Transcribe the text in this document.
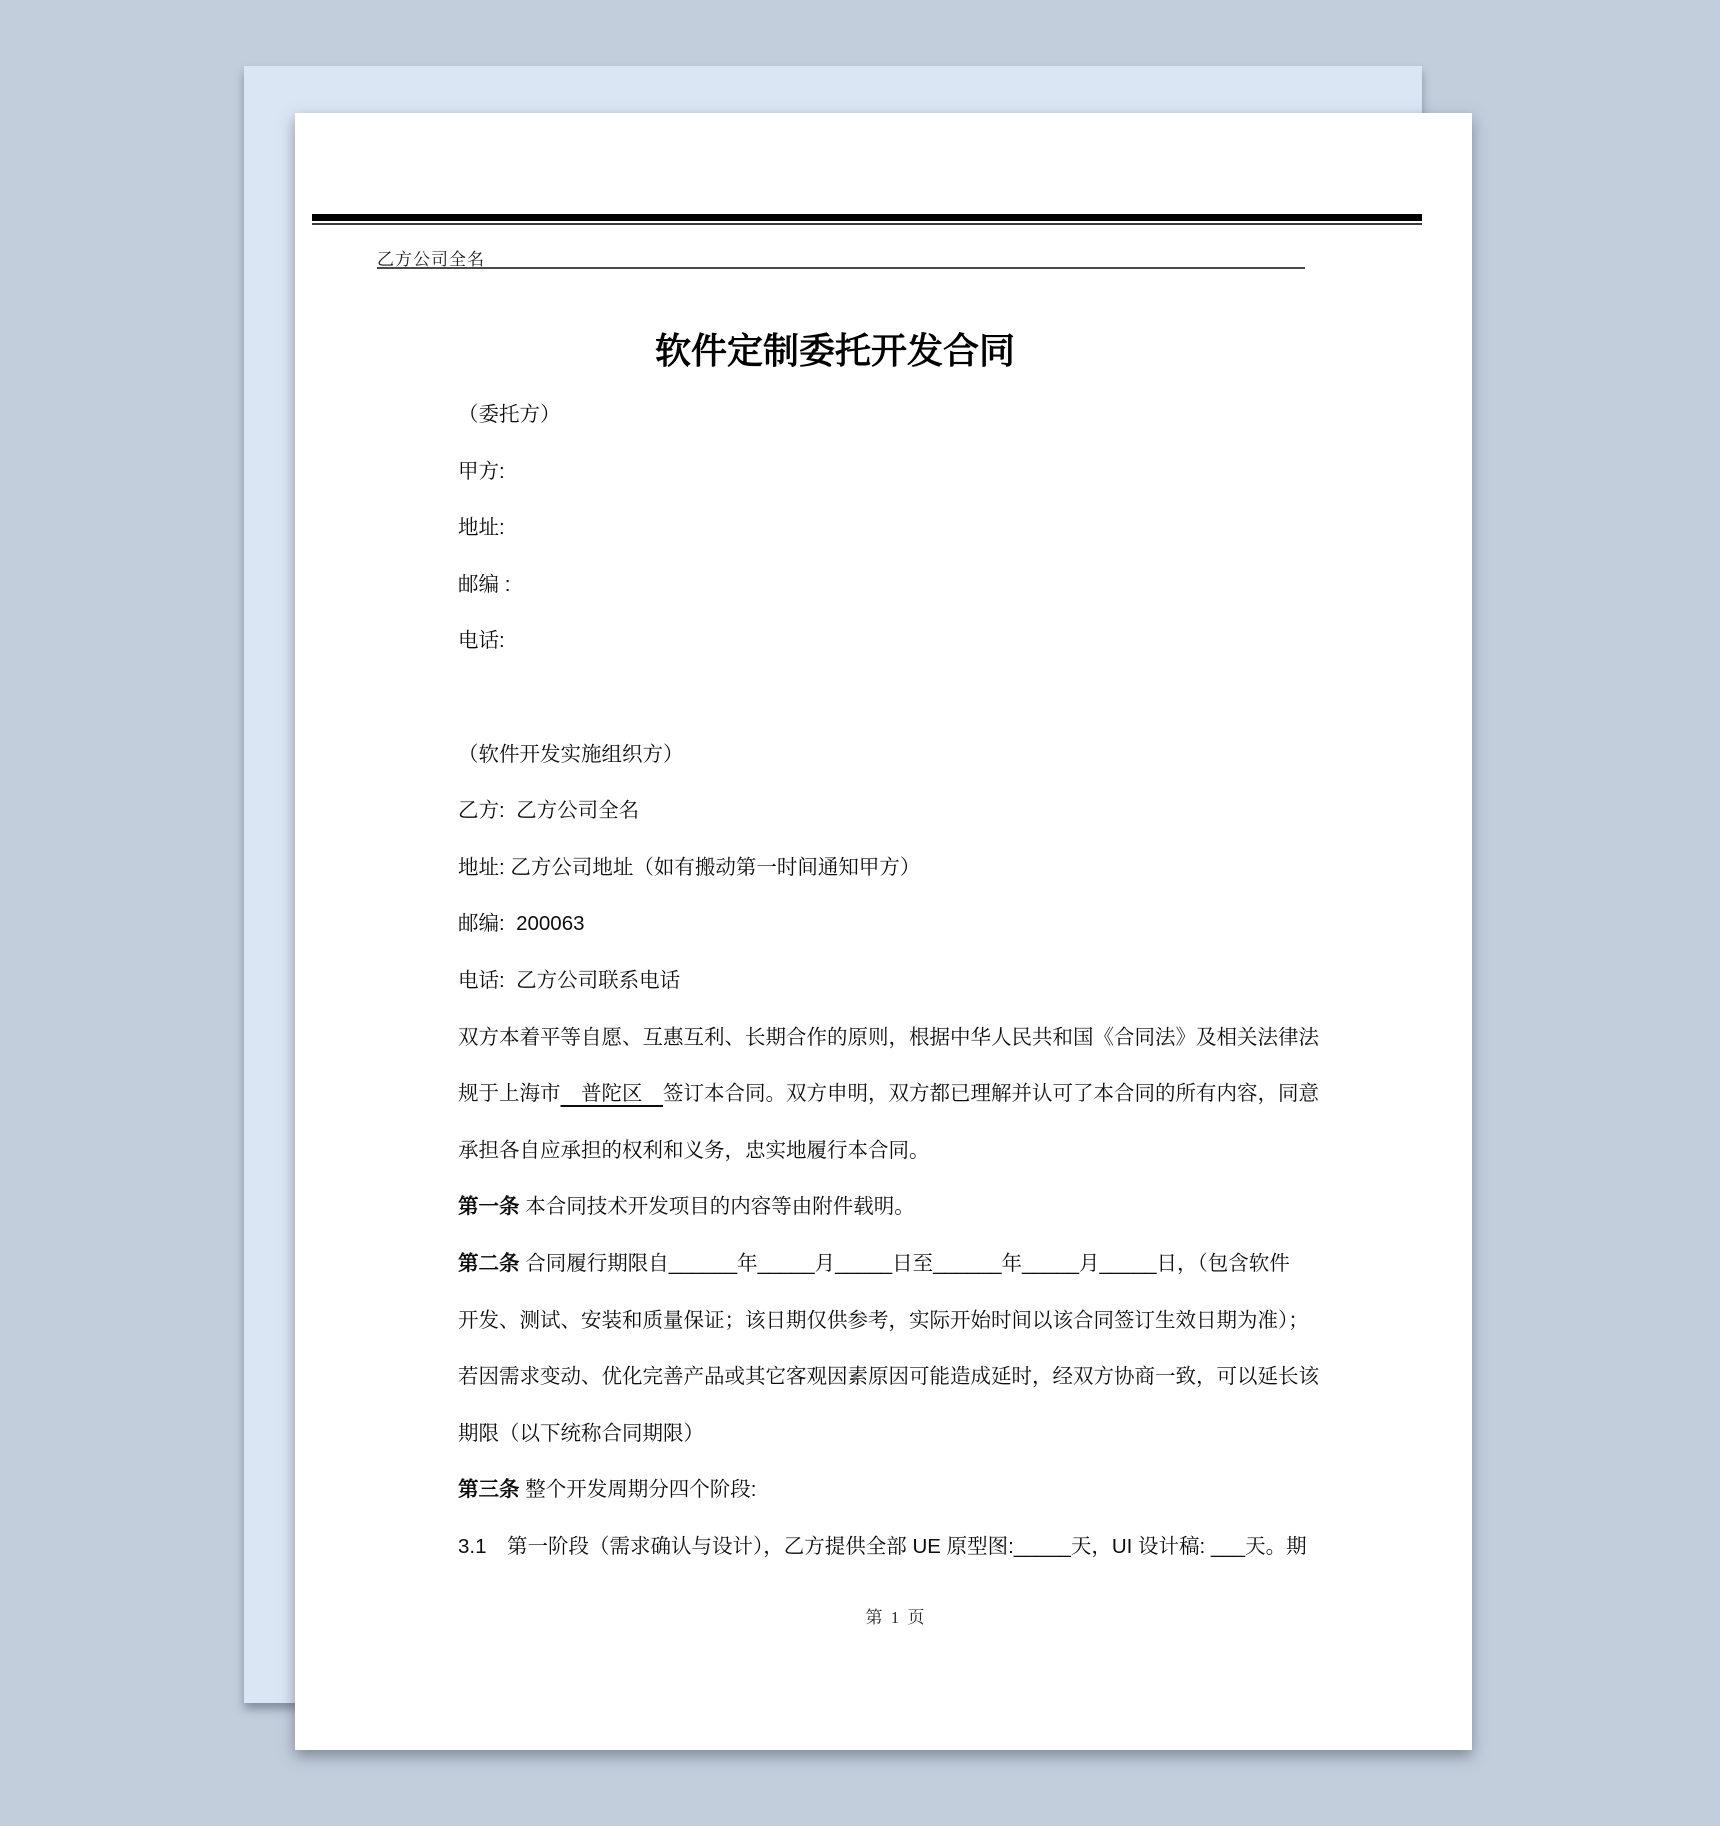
乙方公司全名
软件定制委托开发合同
（委托方）
甲方:
地址:
邮编 :
电话:

（软件开发实施组织方）
乙方:  乙方公司全名
地址: 乙方公司地址（如有搬动第一时间通知甲方）
邮编:  200063
电话:  乙方公司联系电话
双方本着平等自愿、互惠互利、长期合作的原则，根据中华人民共和国《合同法》及相关法律法
规于上海市　普陀区　签订本合同。双方申明，双方都已理解并认可了本合同的所有内容，同意
承担各自应承担的权利和义务，忠实地履行本合同。
第一条 本合同技术开发项目的内容等由附件载明。
第二条 合同履行期限自______年_____月_____日至______年_____月_____日，（包含软件
开发、测试、安装和质量保证；该日期仅供参考，实际开始时间以该合同签订生效日期为准）；
若因需求变动、优化完善产品或其它客观因素原因可能造成延时，经双方协商一致，可以延长该
期限（以下统称合同期限）
第三条 整个开发周期分四个阶段:
3.1　第一阶段（需求确认与设计），乙方提供全部 UE 原型图:_____天，UI 设计稿: ___天。期

第 1 页
